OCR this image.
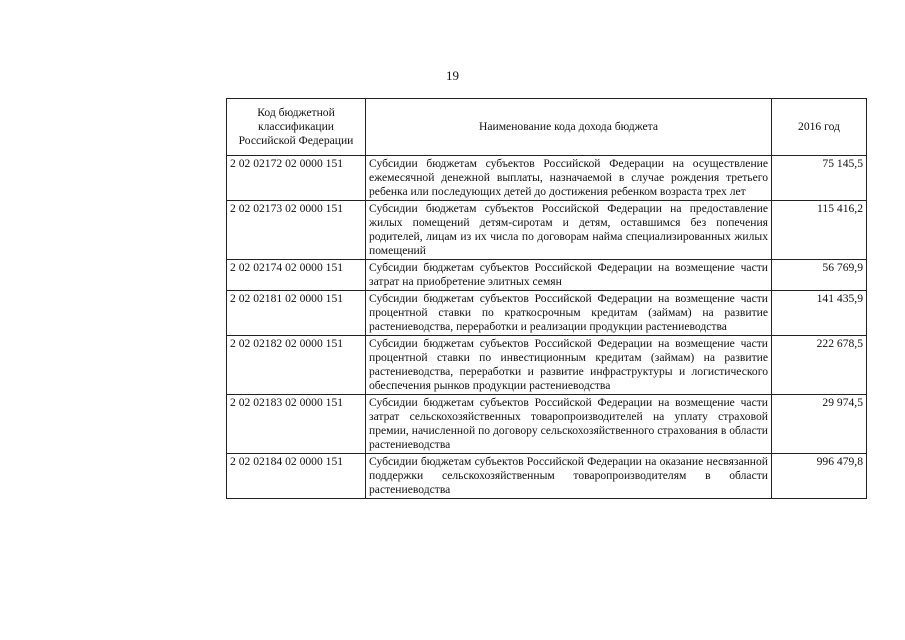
19
Код бюджетной классификации Российской Федерации	Наименование кода дохода бюджета	2016 год
2 02 02172 02 0000 151	Субсидии бюджетам субъектов Российской Федерации на осуществление ежемесячной денежной выплаты, назначаемой в случае рождения третьего ребенка или последующих детей до достижения ребенком возраста трех лет	75 145,5
2 02 02173 02 0000 151	Субсидии бюджетам субъектов Российской Федерации на предоставление жилых помещений детям-сиротам и детям, оставшимся без попечения родителей, лицам из их числа по договорам найма специализированных жилых помещений	115 416,2
2 02 02174 02 0000 151	Субсидии бюджетам субъектов Российской Федерации на возмещение части затрат на приобретение элитных семян	56 769,9
2 02 02181 02 0000 151	Субсидии бюджетам субъектов Российской Федерации на возмещение части процентной ставки по краткосрочным кредитам (займам) на развитие растениеводства, переработки и реализации продукции растениеводства	141 435,9
2 02 02182 02 0000 151	Субсидии бюджетам субъектов Российской Федерации на возмещение части процентной ставки по инвестиционным кредитам (займам) на развитие растениеводства, переработки и развитие инфраструктуры и логистического обеспечения рынков продукции растениеводства	222 678,5
2 02 02183 02 0000 151	Субсидии бюджетам субъектов Российской Федерации на возмещение части затрат сельскохозяйственных товаропроизводителей на уплату страховой премии, начисленной по договору сельскохозяйственного страхования в области растениеводства	29 974,5
2 02 02184 02 0000 151	Субсидии бюджетам субъектов Российской Федерации на оказание несвязанной поддержки сельскохозяйственным товаропроизводителям в области растениеводства	996 479,8
